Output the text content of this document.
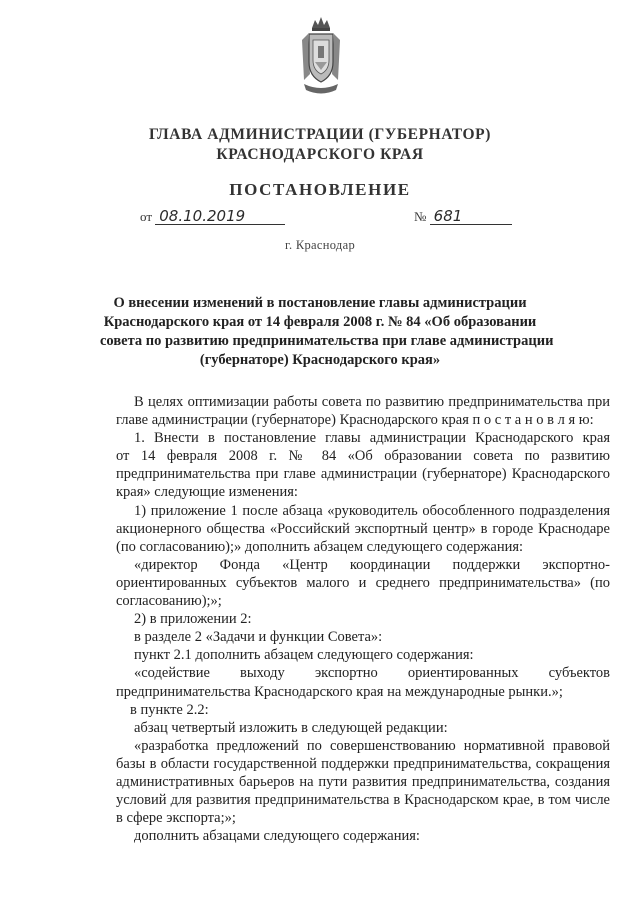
ГЛАВА АДМИНИСТРАЦИИ (ГУБЕРНАТОР)
КРАСНОДАРСКОГО КРАЯ
ПОСТАНОВЛЕНИЕ
от 08.10.2019	№ 681
г. Краснодар
О внесении изменений в постановление главы администрации
Краснодарского края от 14 февраля 2008 г. № 84 «Об образовании
совета по развитию предпринимательства при главе администрации
(губернаторе) Краснодарского края»
В целях оптимизации работы совета по развитию предпринимательства при
главе администрации (губернаторе) Краснодарского края п о с т а н о в л я ю:
1. Внести в постановление главы администрации Краснодарского края
от 14 февраля 2008 г. № 84 «Об образовании совета по развитию
предпринимательства при главе администрации (губернаторе) Краснодарского
края» следующие изменения:
1) приложение 1 после абзаца «руководитель обособленного подразделения
акционерного общества «Российский экспортный центр» в городе Краснодаре
(по согласованию);» дополнить абзацем следующего содержания:
«директор Фонда «Центр координации поддержки экспортно-
ориентированных субъектов малого и среднего предпринимательства» (по
согласованию);»;
2) в приложении 2:
в разделе 2 «Задачи и функции Совета»:
пункт 2.1 дополнить абзацем следующего содержания:
«содействие выходу экспортно ориентированных субъектов
предпринимательства Краснодарского края на международные рынки.»;
в пункте 2.2:
абзац четвертый изложить в следующей редакции:
«разработка предложений по совершенствованию нормативной правовой
базы в области государственной поддержки предпринимательства, сокращения
административных барьеров на пути развития предпринимательства, создания
условий для развития предпринимательства в Краснодарском крае, в том числе
в сфере экспорта;»;
дополнить абзацами следующего содержания:
